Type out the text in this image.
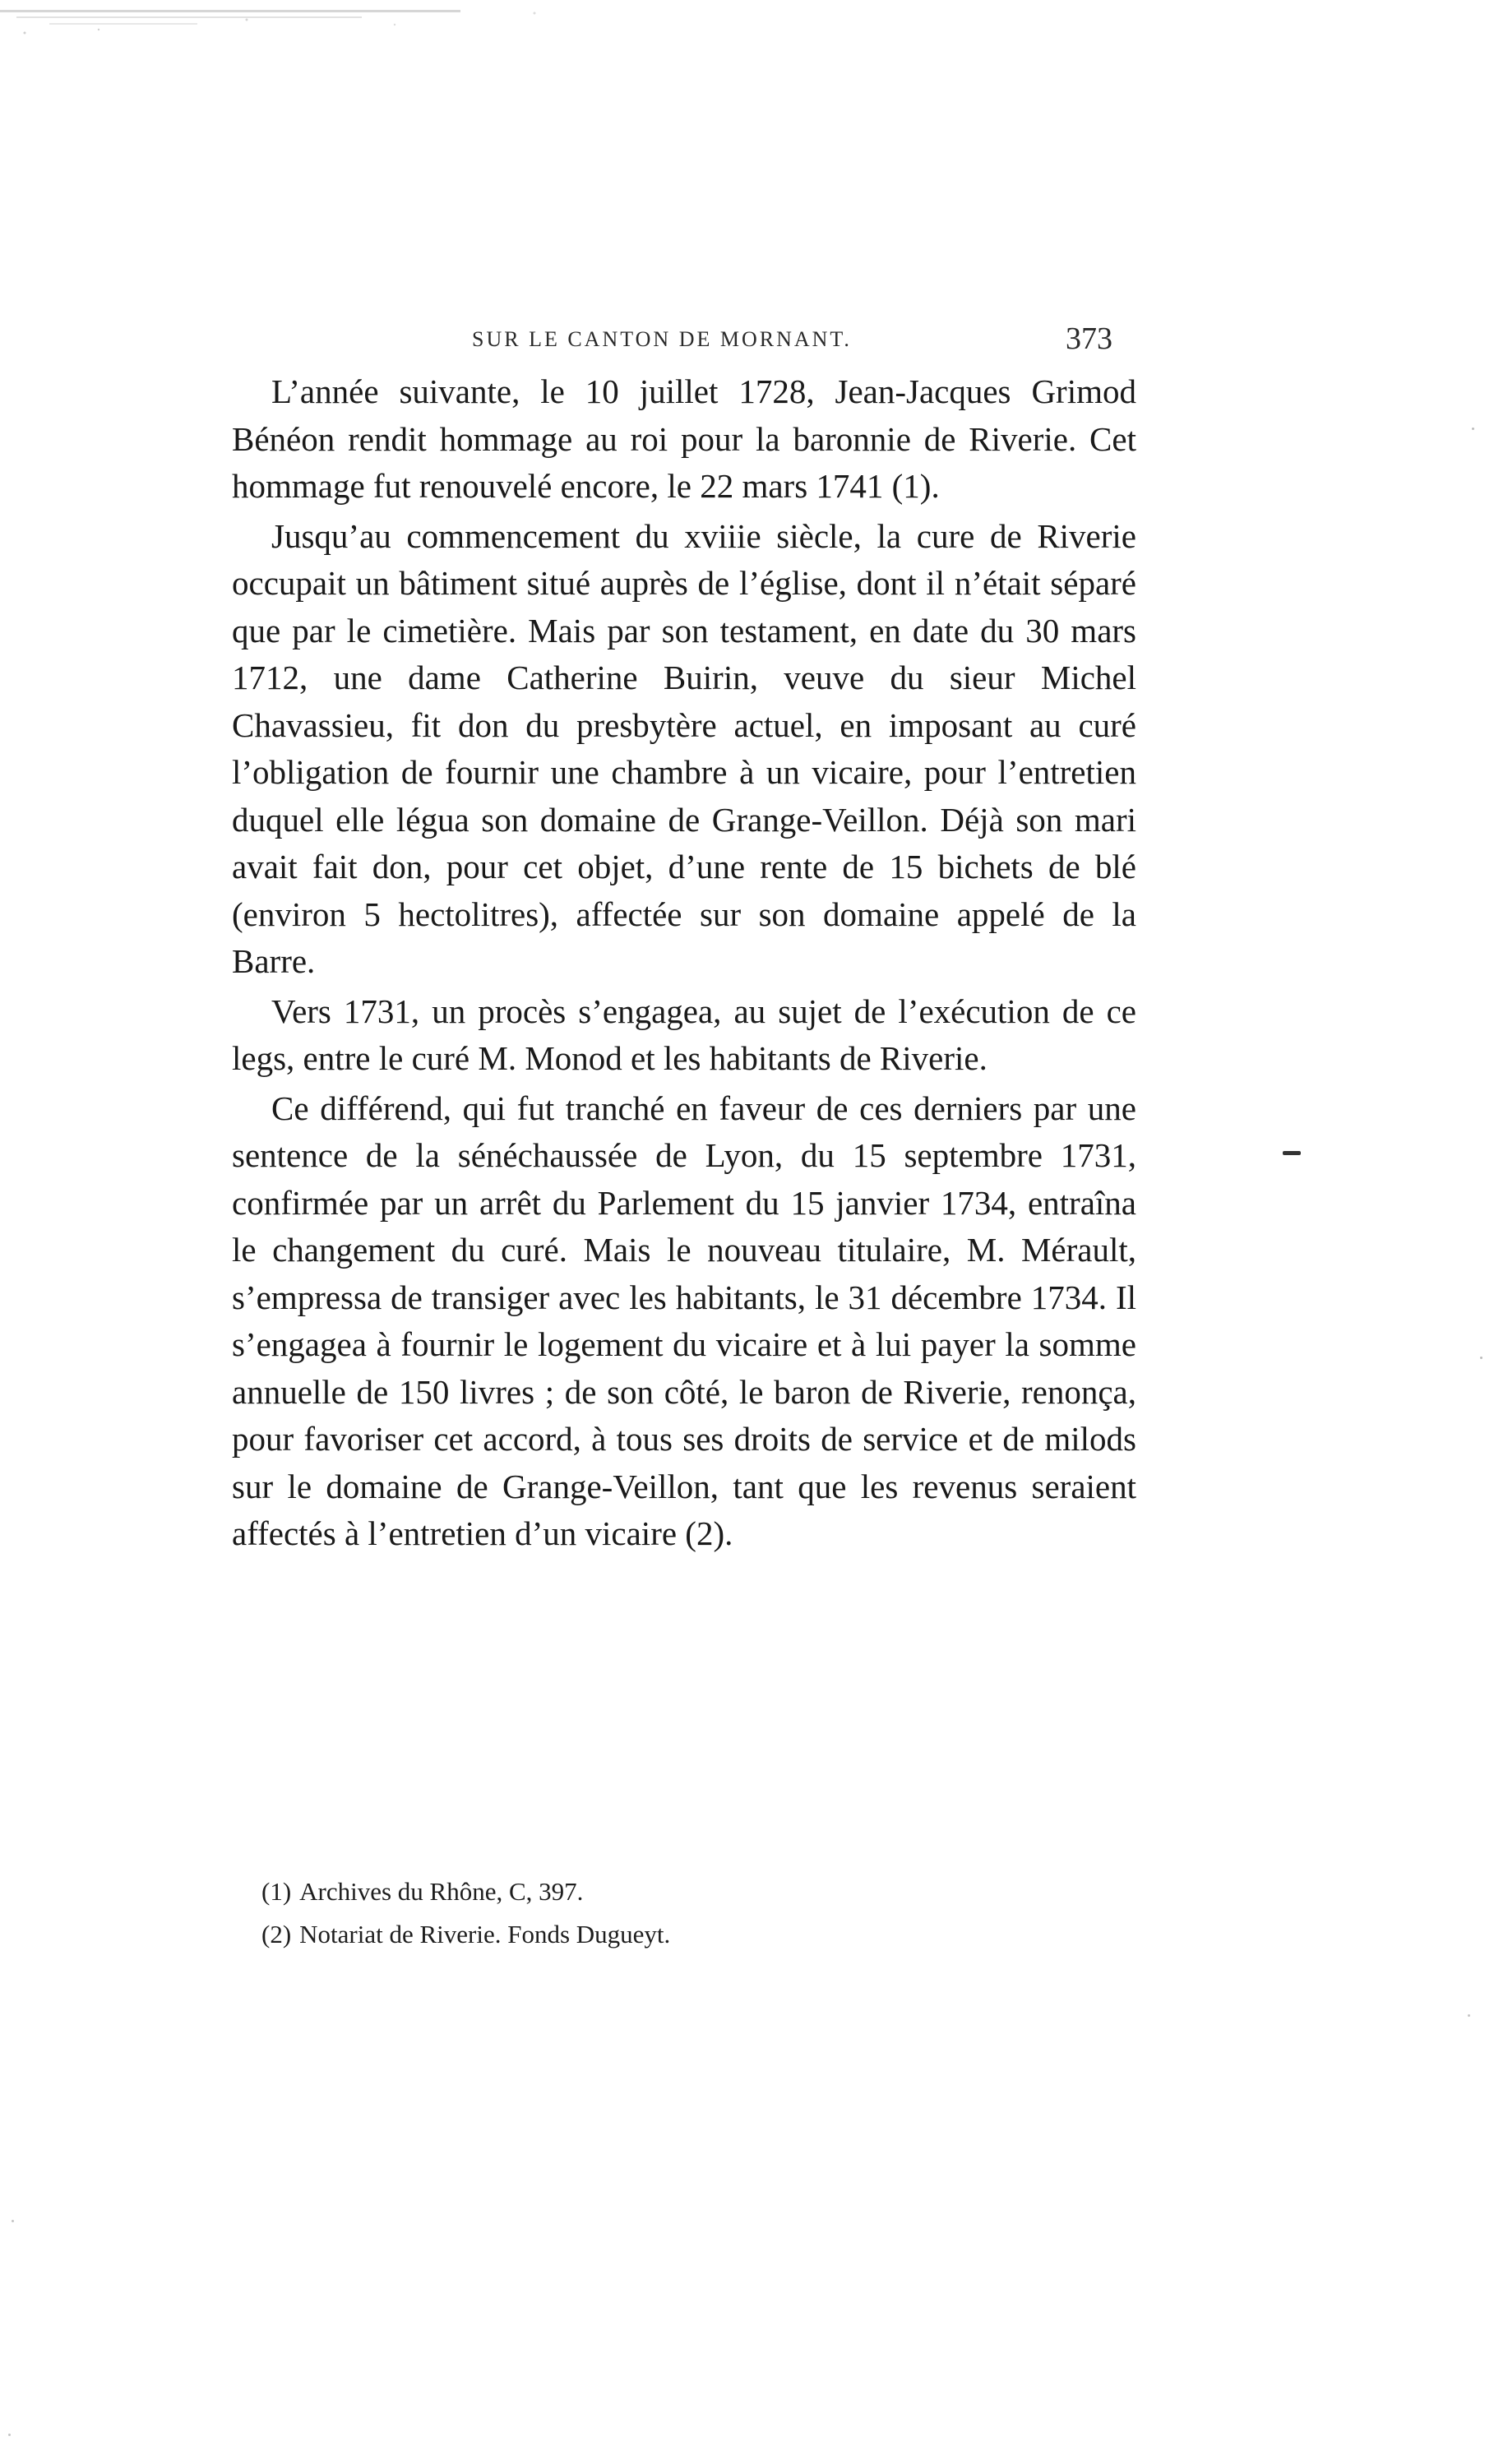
SUR LE CANTON DE MORNANT.	373

L’année suivante, le 10 juillet 1728, Jean-Jacques Grimod Bénéon rendit hommage au roi pour la baronnie de Riverie. Cet hommage fut renouvelé encore, le 22 mars 1741 (1).

Jusqu’au commencement du xviiie siècle, la cure de Riverie occupait un bâtiment situé auprès de l’église, dont il n’était séparé que par le cimetière. Mais par son testament, en date du 30 mars 1712, une dame Catherine Buirin, veuve du sieur Michel Chavassieu, fit don du presbytère actuel, en imposant au curé l’obligation de fournir une chambre à un vicaire, pour l’entretien duquel elle légua son domaine de Grange-Veillon. Déjà son mari avait fait don, pour cet objet, d’une rente de 15 bichets de blé (environ 5 hectolitres), affectée sur son domaine appelé de la Barre.

Vers 1731, un procès s’engagea, au sujet de l’exécution de ce legs, entre le curé M. Monod et les habitants de Riverie.

Ce différend, qui fut tranché en faveur de ces derniers par une sentence de la sénéchaussée de Lyon, du 15 septembre 1731, confirmée par un arrêt du Parlement du 15 janvier 1734, entraîna le changement du curé. Mais le nouveau titulaire, M. Mérault, s’empressa de transiger avec les habitants, le 31 décembre 1734. Il s’engagea à fournir le logement du vicaire et à lui payer la somme annuelle de 150 livres ; de son côté, le baron de Riverie, renonça, pour favoriser cet accord, à tous ses droits de service et de milods sur le domaine de Grange-Veillon, tant que les revenus seraient affectés à l’entretien d’un vicaire (2).

(1) Archives du Rhône, C, 397.

(2) Notariat de Riverie. Fonds Dugueyt.
